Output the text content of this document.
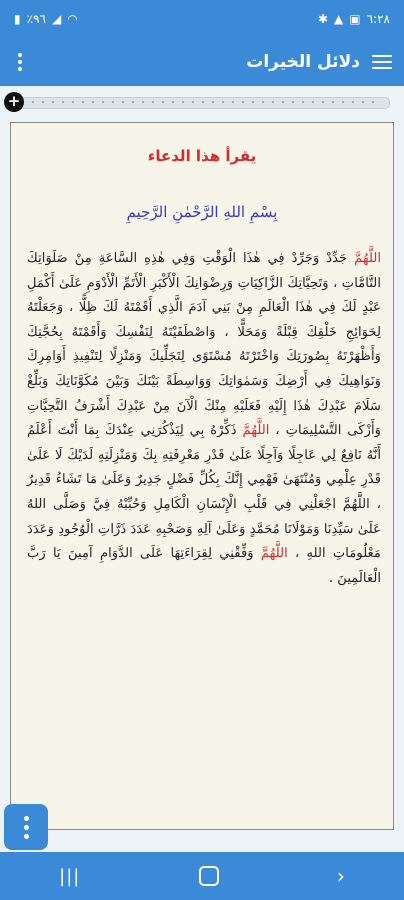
▮ ٪٩٦ ◢ ◠	✱ ▲ ▣ ٦:٢٨
دلائل الخيرات
+
يقرأ هذا الدعاء
بِسْمِ اللهِ الرَّحْمٰنِ الرَّحِيمِ
اللَّهُمَّ جَدِّدْ وَجَرِّدْ فِي هٰذَا الْوَقْتِ وَفِي هٰذِهِ السَّاعَةِ مِنْ صَلَوَاتِكَ التَّامَّاتِ ، وَتَحِيَّاتِكَ الزَّاكِيَاتِ وَرِضْوَانِكَ الْأَكْبَرِ الْأَتَمِّ الْأَدْوَمِ عَلَىٰ أَكْمَلِ عَبْدٍ لَكَ فِي هٰذَا الْعَالَمِ مِنْ بَنِي آدَمَ الَّذِي أَقَمْتَهُ لَكَ ظِلًّا ، وَجَعَلْتَهُ لِحَوَائِجِ خَلْقِكَ قِبْلَةً وَمَحَلًّا ، وَاصْطَفَيْتَهُ لِنَفْسِكَ وَأَقَمْتَهُ بِحُجَّتِكَ وَأَظْهَرْتَهُ بِصُورَتِكَ وَاخْتَرْتَهُ مُسْتَوًى لِتَجَلِّيكَ وَمَنْزِلًا لِتَنْفِيذِ أَوَامِرِكَ وَنَوَاهِيكَ فِي أَرْضِكَ وَسَمٰوَاتِكَ وَوَاسِطَةً بَيْنَكَ وَبَيْنَ مُكَوَّنَاتِكَ وَبَلِّغْ سَلَامَ عَبْدِكَ هٰذَا إِلَيْهِ فَعَلَيْهِ مِنْكَ الْآنَ مِنْ عَبْدِكَ أَشْرَفُ التَّحِيَّاتِ وَأَزْكَى التَّسْلِيمَاتِ ، اللَّهُمَّ ذَكِّرْهُ بِي لِيَذْكُرَنِي عِنْدَكَ بِمَا أَنْتَ أَعْلَمُ أَنَّهُ نَافِعٌ لِي عَاجِلًا وَآجِلًا عَلَىٰ قَدْرِ مَعْرِفَتِهِ بِكَ وَمَنْزِلَتِهِ لَدَيْكَ لَا عَلَىٰ قَدْرِ عِلْمِي وَمُنْتَهَىٰ فَهْمِي إِنَّكَ بِكُلِّ فَضْلٍ جَدِيرٌ وَعَلَىٰ مَا تَشَاءُ قَدِيرٌ ، اللَّهُمَّ اجْعَلْنِي فِي قَلْبِ الْإِنْسَانِ الْكَامِلِ وَحُبِّبْهُ فِيَّ وَصَلَّى اللهُ عَلَىٰ سَيِّدِنَا وَمَوْلَانَا مُحَمَّدٍ وَعَلَىٰ آلِهِ وَصَحْبِهِ عَدَدَ ذَرَّاتِ الْوُجُودِ وَعَدَدَ مَعْلُومَاتِ اللهِ ، اللَّهُمَّ وَفِّقْنِي لِقِرَاءَتِهَا عَلَى الدَّوَامِ آمِينَ يَا رَبَّ الْعَالَمِينَ .
|||	›
